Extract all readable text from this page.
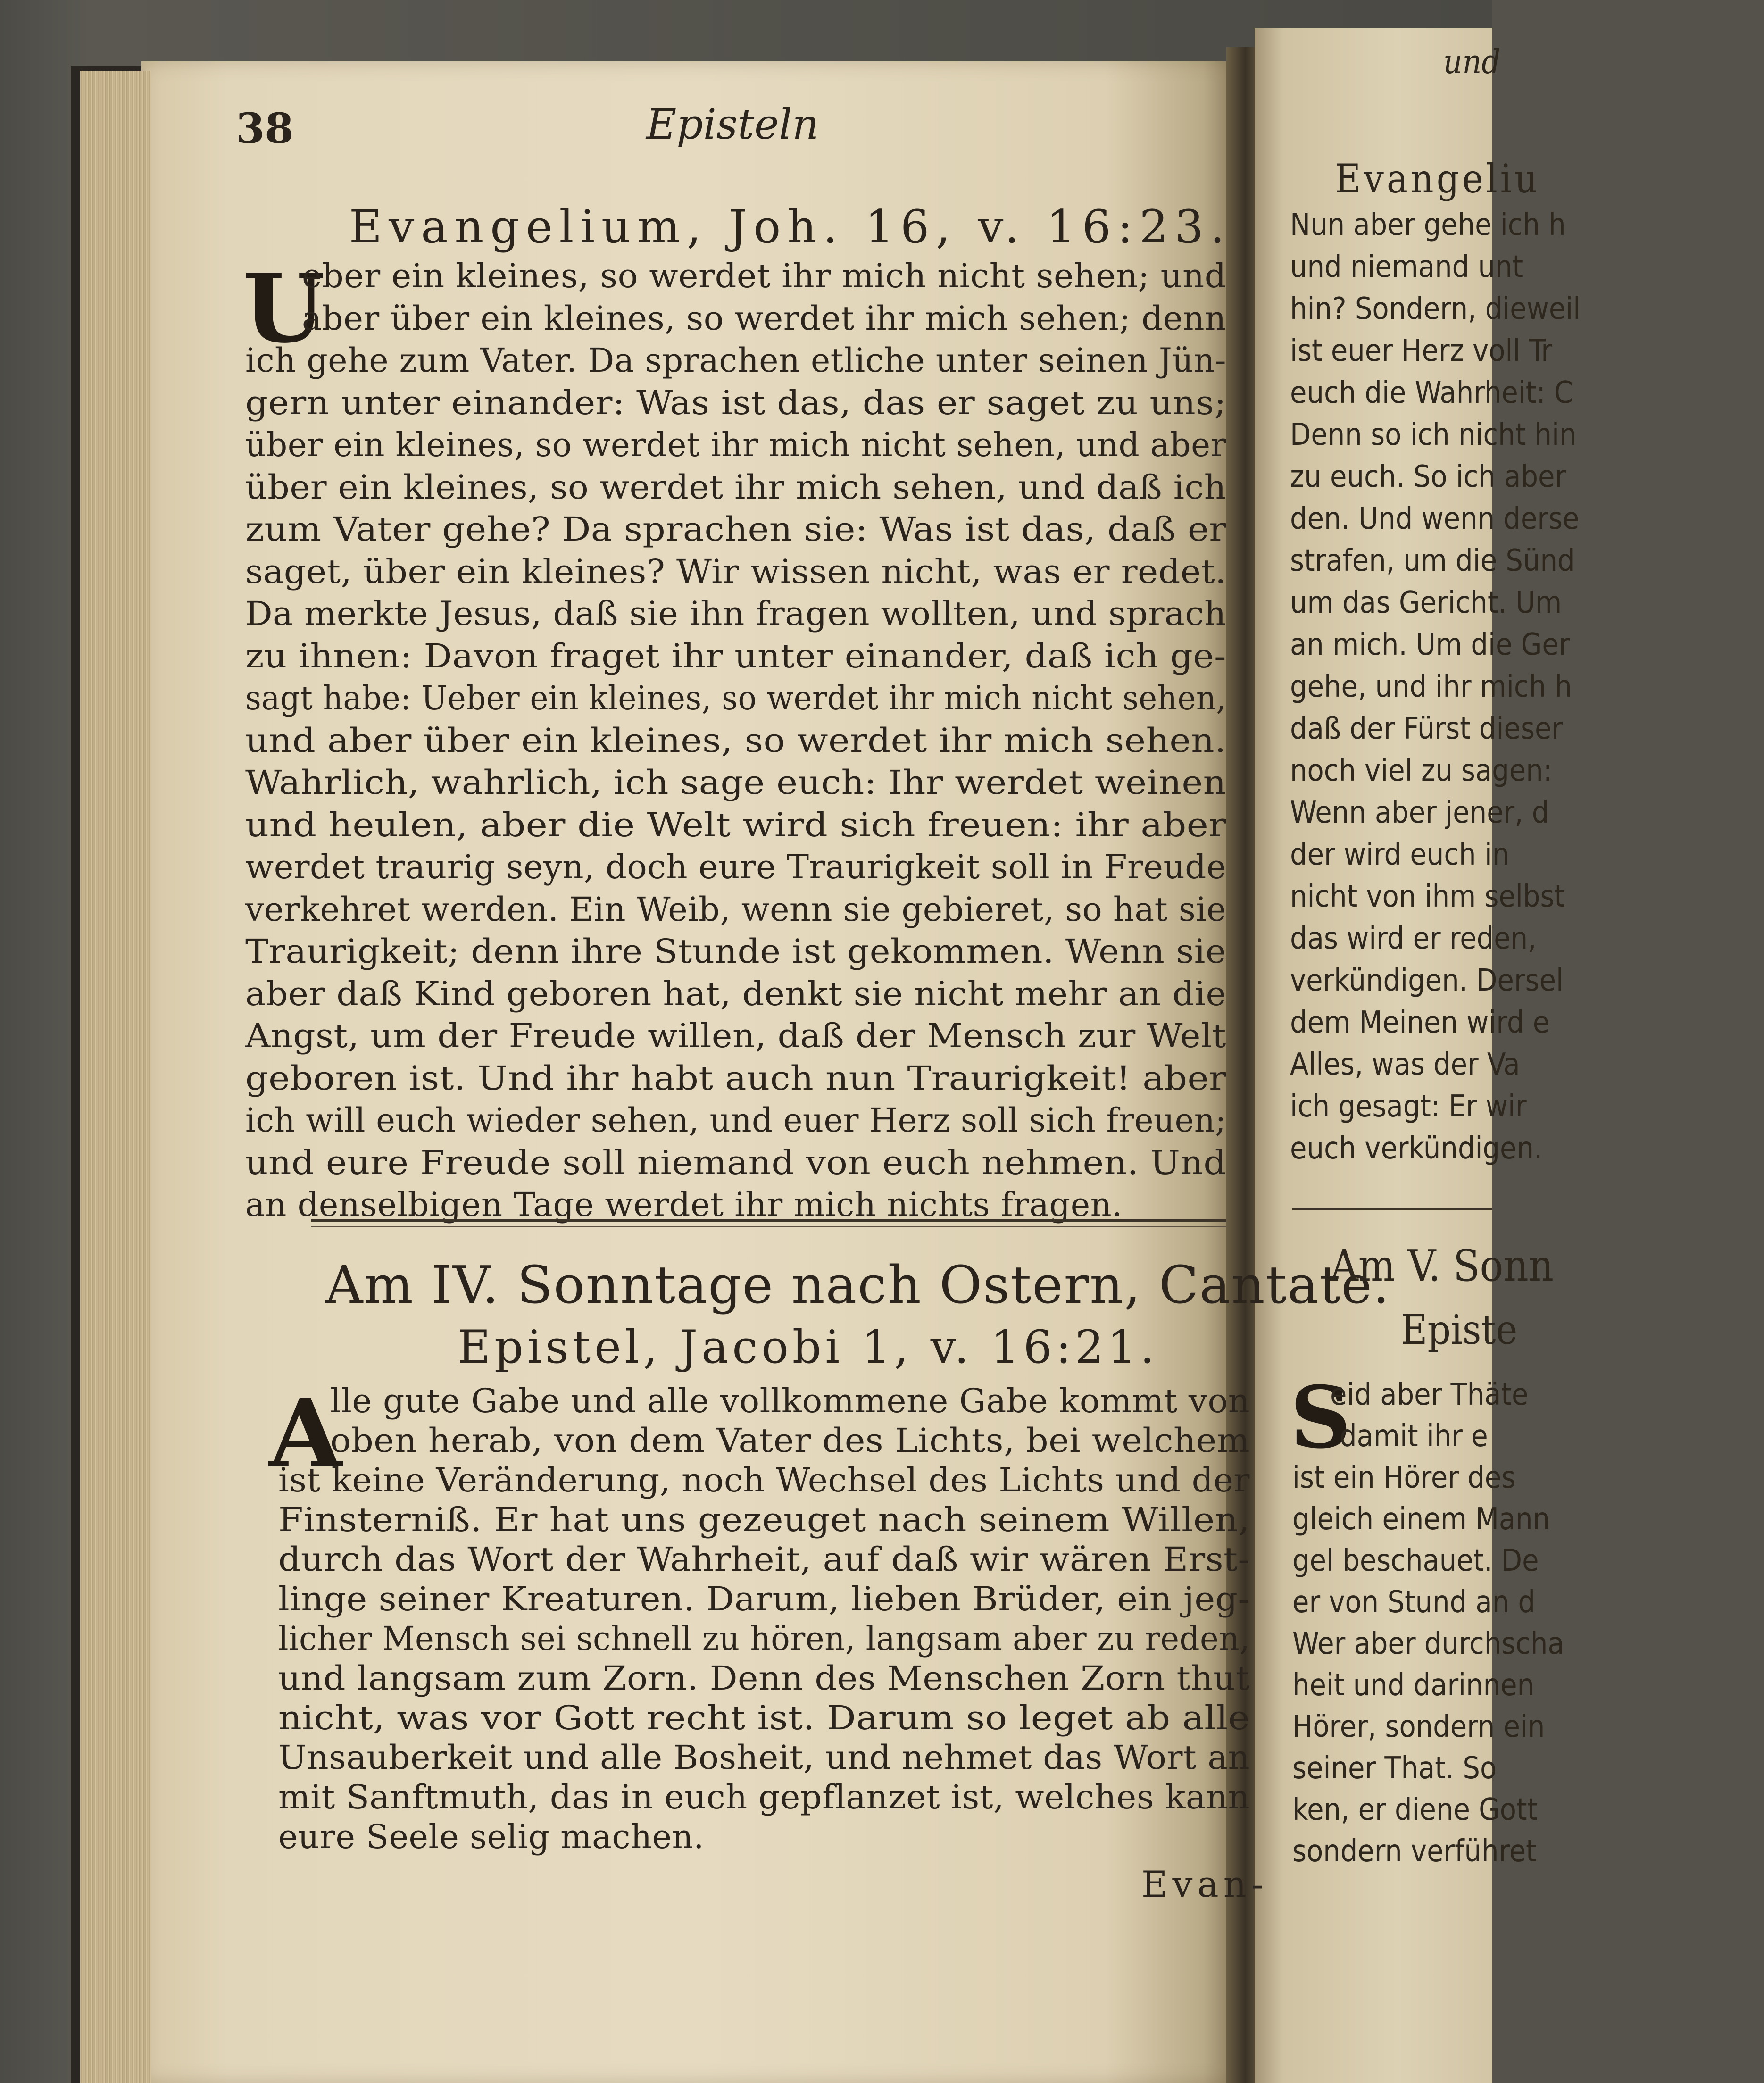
38	Episteln
Evangelium, Joh. 16, v. 16:23.
U
eber ein kleines, so werdet ihr mich nicht sehen; und
aber über ein kleines, so werdet ihr mich sehen; denn
ich gehe zum Vater. Da sprachen etliche unter seinen Jün-
gern unter einander: Was ist das, das er saget zu uns;
über ein kleines, so werdet ihr mich nicht sehen, und aber
über ein kleines, so werdet ihr mich sehen, und daß ich
zum Vater gehe? Da sprachen sie: Was ist das, daß er
saget, über ein kleines? Wir wissen nicht, was er redet.
Da merkte Jesus, daß sie ihn fragen wollten, und sprach
zu ihnen: Davon fraget ihr unter einander, daß ich ge-
sagt habe: Ueber ein kleines, so werdet ihr mich nicht sehen,
und aber über ein kleines, so werdet ihr mich sehen.
Wahrlich, wahrlich, ich sage euch: Ihr werdet weinen
und heulen, aber die Welt wird sich freuen: ihr aber
werdet traurig seyn, doch eure Traurigkeit soll in Freude
verkehret werden. Ein Weib, wenn sie gebieret, so hat sie
Traurigkeit; denn ihre Stunde ist gekommen. Wenn sie
aber daß Kind geboren hat, denkt sie nicht mehr an die
Angst, um der Freude willen, daß der Mensch zur Welt
geboren ist. Und ihr habt auch nun Traurigkeit! aber
ich will euch wieder sehen, und euer Herz soll sich freuen;
und eure Freude soll niemand von euch nehmen. Und
an denselbigen Tage werdet ihr mich nichts fragen.
Am IV. Sonntage nach Ostern, Cantate.
Epistel, Jacobi 1, v. 16:21.
A
lle gute Gabe und alle vollkommene Gabe kommt von
oben herab, von dem Vater des Lichts, bei welchem
ist keine Veränderung, noch Wechsel des Lichts und der
Finsterniß. Er hat uns gezeuget nach seinem Willen,
durch das Wort der Wahrheit, auf daß wir wären Erst-
linge seiner Kreaturen. Darum, lieben Brüder, ein jeg-
licher Mensch sei schnell zu hören, langsam aber zu reden,
und langsam zum Zorn. Denn des Menschen Zorn thut
nicht, was vor Gott recht ist. Darum so leget ab alle
Unsauberkeit und alle Bosheit, und nehmet das Wort an
mit Sanftmuth, das in euch gepflanzet ist, welches kann
eure Seele selig machen.
Evan-
und
Evangeliu
Nun aber gehe ich h
und niemand unt
hin? Sondern, dieweil
ist euer Herz voll Tr
euch die Wahrheit: C
Denn so ich nicht hin
zu euch. So ich aber
den. Und wenn derse
strafen, um die Sünd
um das Gericht. Um
an mich. Um die Ger
gehe, und ihr mich h
daß der Fürst dieser
noch viel zu sagen:
Wenn aber jener, d
der wird euch in
nicht von ihm selbst
das wird er reden,
verkündigen. Dersel
dem Meinen wird e
Alles, was der Va
ich gesagt: Er wir
euch verkündigen.
Am V. Sonn
Episte
S
eid aber Thäte
damit ihr e
ist ein Hörer des
gleich einem Mann
gel beschauet. De
er von Stund an d
Wer aber durchscha
heit und darinnen
Hörer, sondern ein
seiner That. So
ken, er diene Gott
sondern verführet
